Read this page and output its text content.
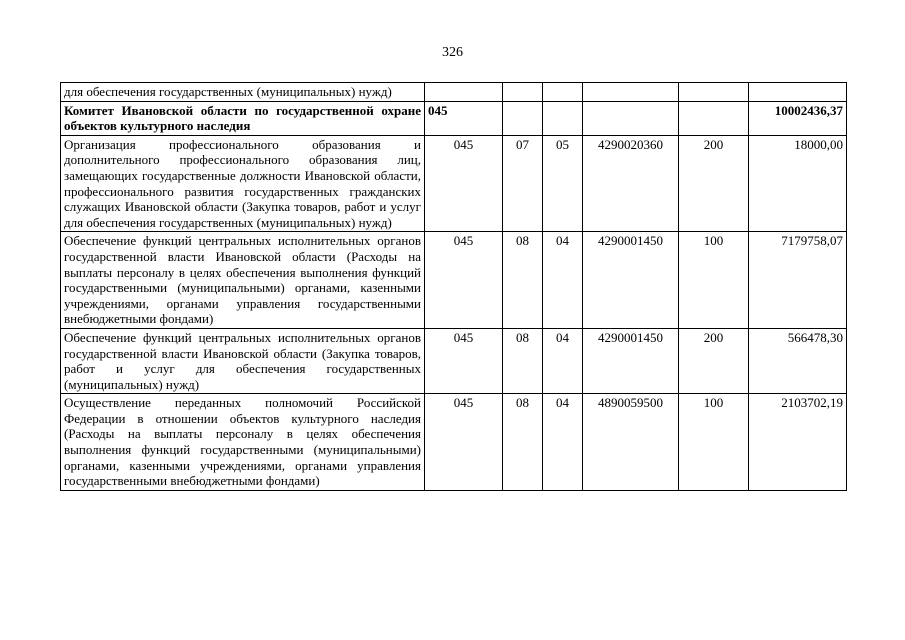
326
для обеспечения государственных (муниципальных) нужд)						
Комитет Ивановской области по государственной охране объектов культурного наследия	045					10002436,37
Организация профессионального образования и дополнительного профессионального образования лиц, замещающих государственные должности Ивановской области, профессионального развития государственных гражданских служащих Ивановской области (Закупка товаров, работ и услуг для обеспечения государственных (муниципальных) нужд)	045	07	05	4290020360	200	18000,00
Обеспечение функций центральных исполнительных органов государственной власти Ивановской области (Расходы на выплаты персоналу в целях обеспечения выполнения функций государственными (муниципальными) органами, казенными учреждениями, органами управления государственными внебюджетными фондами)	045	08	04	4290001450	100	7179758,07
Обеспечение функций центральных исполнительных органов государственной власти Ивановской области (Закупка товаров, работ и услуг для обеспечения государственных (муниципальных) нужд)	045	08	04	4290001450	200	566478,30
Осуществление переданных полномочий Российской Федерации в отношении объектов культурного наследия (Расходы на выплаты персоналу в целях обеспечения выполнения функций государственными (муниципальными) органами, казенными учреждениями, органами управления государственными внебюджетными фондами)	045	08	04	4890059500	100	2103702,19
